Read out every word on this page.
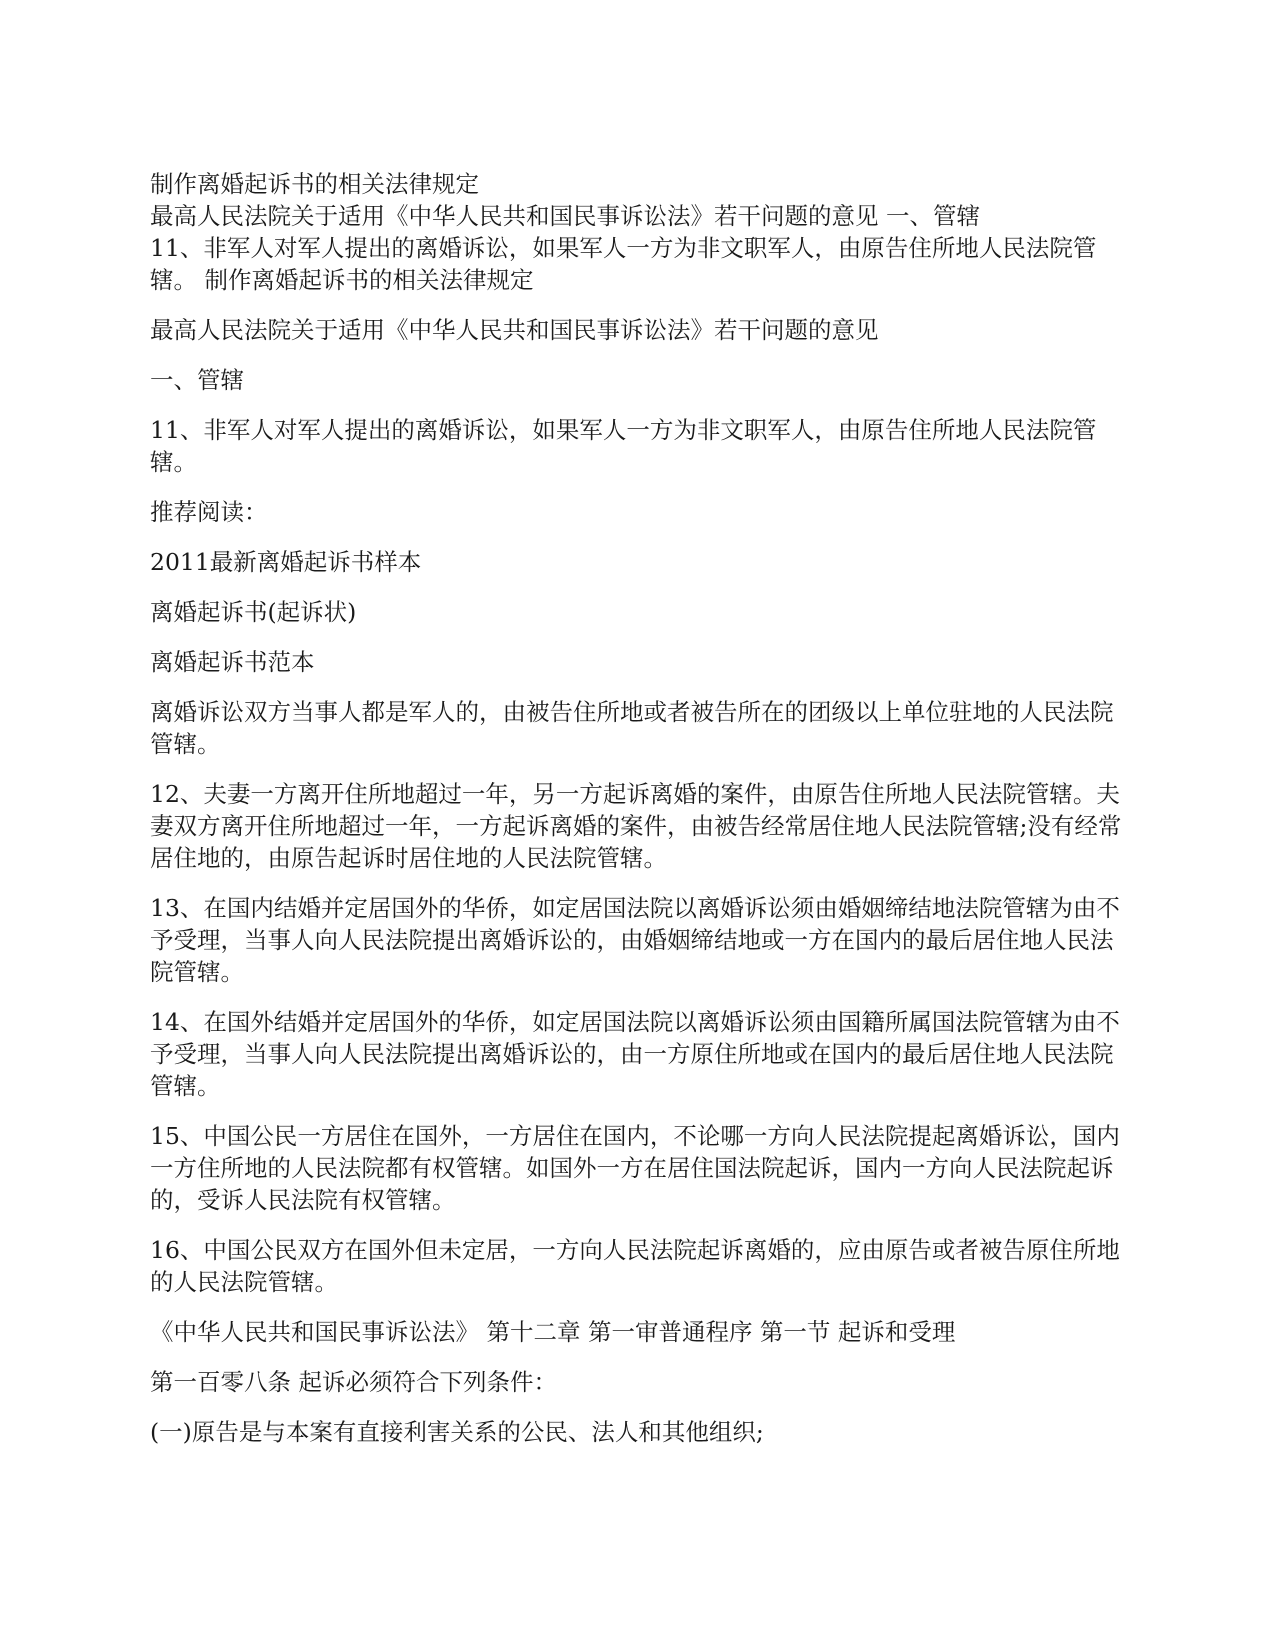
制作离婚起诉书的相关法律规定

最高人民法院关于适用《中华人民共和国民事诉讼法》若干问题的意见 一、管辖

11、非军人对军人提出的离婚诉讼，如果军人一方为非文职军人，由原告住所地人民法院管辖。 制作离婚起诉书的相关法律规定

最高人民法院关于适用《中华人民共和国民事诉讼法》若干问题的意见

一、管辖

11、非军人对军人提出的离婚诉讼，如果军人一方为非文职军人，由原告住所地人民法院管辖。

推荐阅读：

2011最新离婚起诉书样本

离婚起诉书(起诉状)

离婚起诉书范本

离婚诉讼双方当事人都是军人的，由被告住所地或者被告所在的团级以上单位驻地的人民法院管辖。

12、夫妻一方离开住所地超过一年，另一方起诉离婚的案件，由原告住所地人民法院管辖。夫妻双方离开住所地超过一年，一方起诉离婚的案件，由被告经常居住地人民法院管辖;没有经常居住地的，由原告起诉时居住地的人民法院管辖。

13、在国内结婚并定居国外的华侨，如定居国法院以离婚诉讼须由婚姻缔结地法院管辖为由不予受理，当事人向人民法院提出离婚诉讼的，由婚姻缔结地或一方在国内的最后居住地人民法院管辖。

14、在国外结婚并定居国外的华侨，如定居国法院以离婚诉讼须由国籍所属国法院管辖为由不予受理，当事人向人民法院提出离婚诉讼的，由一方原住所地或在国内的最后居住地人民法院管辖。

15、中国公民一方居住在国外，一方居住在国内，不论哪一方向人民法院提起离婚诉讼，国内一方住所地的人民法院都有权管辖。如国外一方在居住国法院起诉，国内一方向人民法院起诉的，受诉人民法院有权管辖。

16、中国公民双方在国外但未定居，一方向人民法院起诉离婚的，应由原告或者被告原住所地的人民法院管辖。

《中华人民共和国民事诉讼法》 第十二章 第一审普通程序 第一节 起诉和受理

第一百零八条 起诉必须符合下列条件：

(一)原告是与本案有直接利害关系的公民、法人和其他组织;
